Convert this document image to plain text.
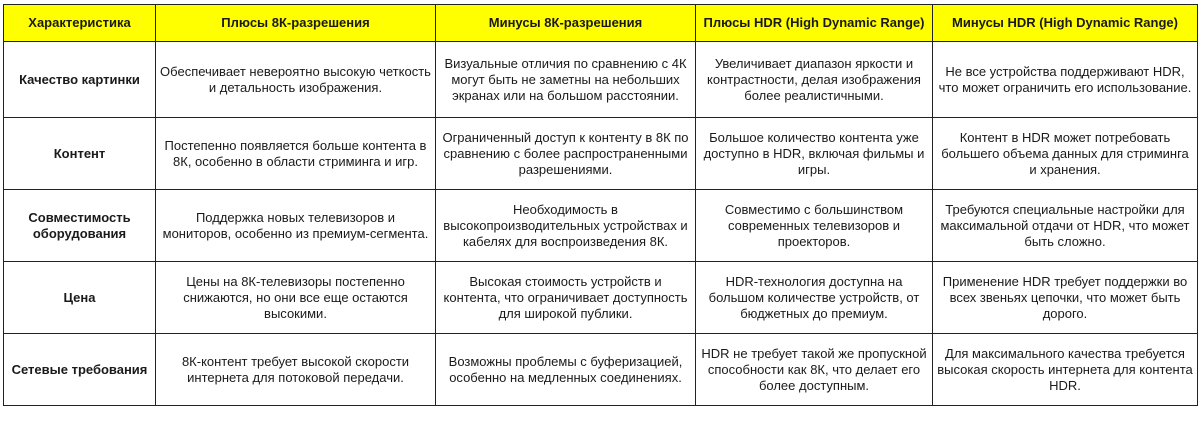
Характеристика	Плюсы 8К-разрешения	Минусы 8К-разрешения	Плюсы HDR (High Dynamic Range)	Минусы HDR (High Dynamic Range)
Качество картинки	Обеспечивает невероятно высокую четкость и детальность изображения.	Визуальные отличия по сравнению с 4К могут быть не заметны на небольших экранах или на большом расстоянии.	Увеличивает диапазон яркости и контрастности, делая изображения более реалистичными.	Не все устройства поддерживают HDR, что может ограничить его использование.
Контент	Постепенно появляется больше контента в 8К, особенно в области стриминга и игр.	Ограниченный доступ к контенту в 8К по сравнению с более распространенными разрешениями.	Большое количество контента уже доступно в HDR, включая фильмы и игры.	Контент в HDR может потребовать большего объема данных для стриминга и хранения.
Совместимость оборудования	Поддержка новых телевизоров и мониторов, особенно из премиум-сегмента.	Необходимость в высокопроизводительных устройствах и кабелях для воспроизведения 8К.	Совместимо с большинством современных телевизоров и проекторов.	Требуются специальные настройки для максимальной отдачи от HDR, что может быть сложно.
Цена	Цены на 8К-телевизоры постепенно снижаются, но они все еще остаются высокими.	Высокая стоимость устройств и контента, что ограничивает доступность для широкой публики.	HDR-технология доступна на большом количестве устройств, от бюджетных до премиум.	Применение HDR требует поддержки во всех звеньях цепочки, что может быть дорого.
Сетевые требования	8К-контент требует высокой скорости интернета для потоковой передачи.	Возможны проблемы с буферизацией, особенно на медленных соединениях.	HDR не требует такой же пропускной способности как 8К, что делает его более доступным.	Для максимального качества требуется высокая скорость интернета для контента HDR.
